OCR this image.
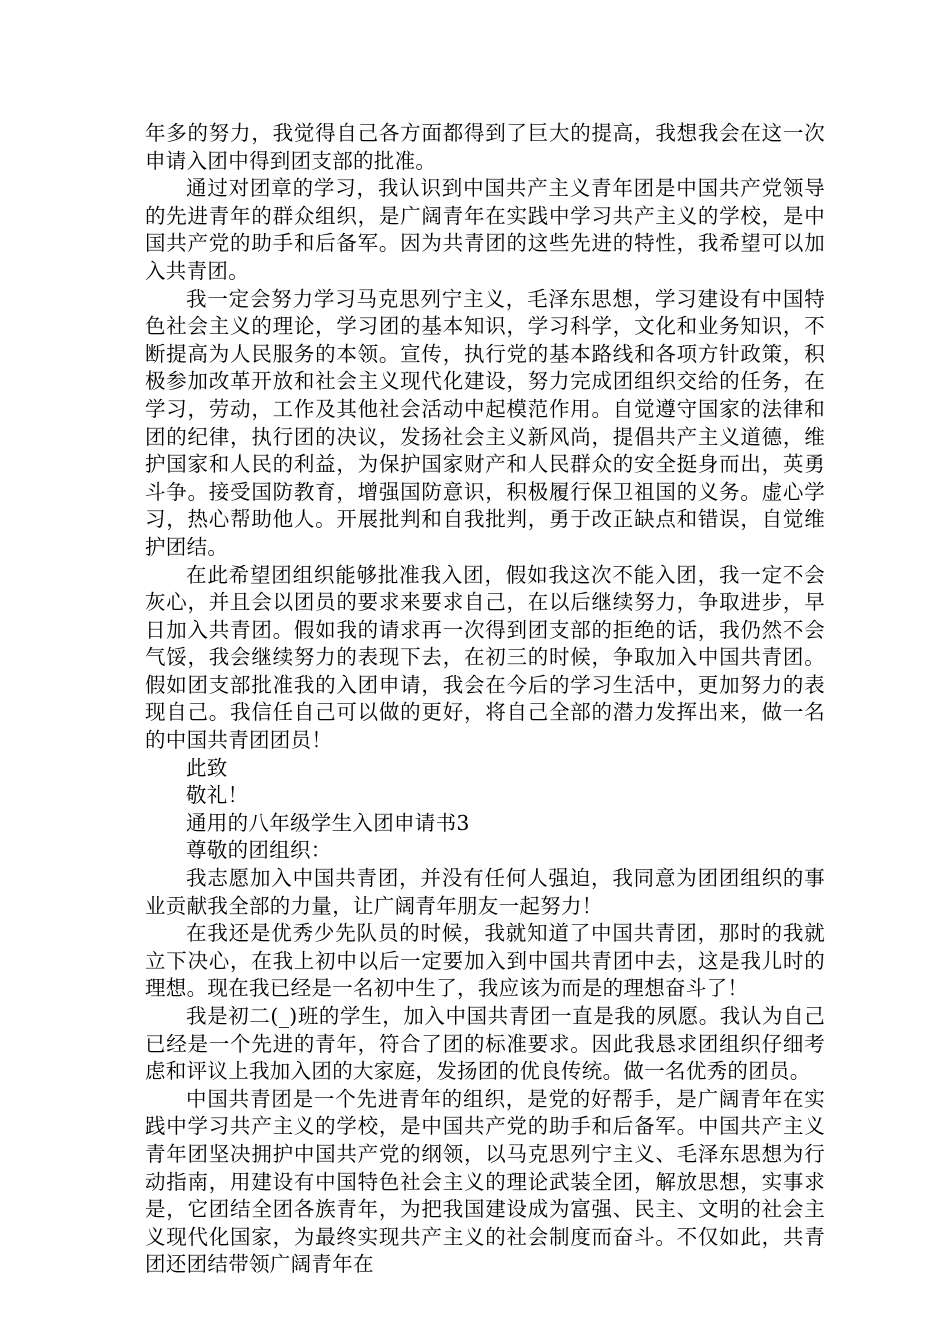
年多的努力，我觉得自己各方面都得到了巨大的提高，我想我会在这一次申请入团中得到团支部的批准。

通过对团章的学习，我认识到中国共产主义青年团是中国共产党领导的先进青年的群众组织，是广阔青年在实践中学习共产主义的学校，是中国共产党的助手和后备军。因为共青团的这些先进的特性，我希望可以加入共青团。

我一定会努力学习马克思列宁主义，毛泽东思想，学习建设有中国特色社会主义的理论，学习团的基本知识，学习科学，文化和业务知识，不断提高为人民服务的本领。宣传，执行党的基本路线和各项方针政策，积极参加改革开放和社会主义现代化建设，努力完成团组织交给的任务，在学习，劳动，工作及其他社会活动中起模范作用。自觉遵守国家的法律和团的纪律，执行团的决议，发扬社会主义新风尚，提倡共产主义道德，维护国家和人民的利益，为保护国家财产和人民群众的安全挺身而出，英勇斗争。接受国防教育，增强国防意识，积极履行保卫祖国的义务。虚心学习，热心帮助他人。开展批判和自我批判，勇于改正缺点和错误，自觉维护团结。

在此希望团组织能够批准我入团，假如我这次不能入团，我一定不会灰心，并且会以团员的要求来要求自己，在以后继续努力，争取进步，早日加入共青团。假如我的请求再一次得到团支部的拒绝的话，我仍然不会气馁，我会继续努力的表现下去，在初三的时候，争取加入中国共青团。假如团支部批准我的入团申请，我会在今后的学习生活中，更加努力的表现自己。我信任自己可以做的更好，将自己全部的潜力发挥出来，做一名的中国共青团团员！

此致

敬礼！

通用的八年级学生入团申请书3

尊敬的团组织：

我志愿加入中国共青团，并没有任何人强迫，我同意为团团组织的事业贡献我全部的力量，让广阔青年朋友一起努力！

在我还是优秀少先队员的时候，我就知道了中国共青团，那时的我就立下决心，在我上初中以后一定要加入到中国共青团中去，这是我儿时的理想。现在我已经是一名初中生了，我应该为而是的理想奋斗了！

我是初二(_)班的学生，加入中国共青团一直是我的夙愿。我认为自己已经是一个先进的青年，符合了团的标准要求。因此我恳求团组织仔细考虑和评议上我加入团的大家庭，发扬团的优良传统。做一名优秀的团员。

中国共青团是一个先进青年的组织，是党的好帮手，是广阔青年在实践中学习共产主义的学校，是中国共产党的助手和后备军。中国共产主义青年团坚决拥护中国共产党的纲领，以马克思列宁主义、毛泽东思想为行动指南，用建设有中国特色社会主义的理论武装全团，解放思想，实事求是，它团结全团各族青年，为把我国建设成为富强、民主、文明的社会主义现代化国家，为最终实现共产主义的社会制度而奋斗。不仅如此，共青团还团结带领广阔青年在
